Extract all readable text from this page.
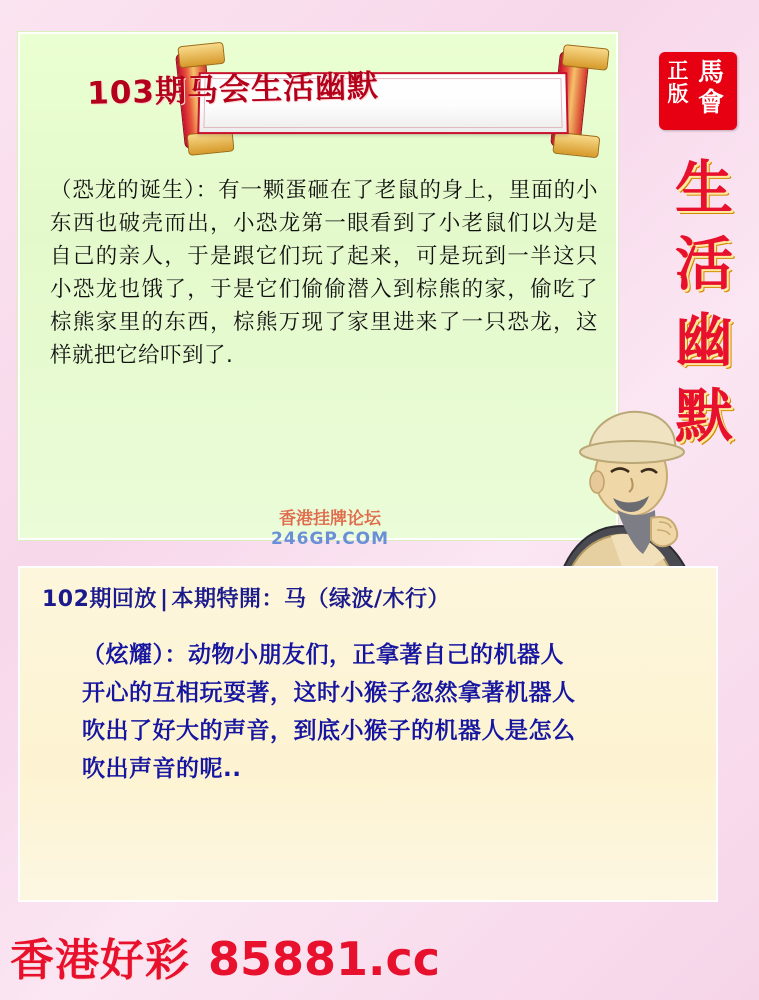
103期马会生活幽默
（恐龙的诞生）：有一颗蛋砸在了老鼠的身上，里面的小东西也破壳而出，小恐龙第一眼看到了小老鼠们以为是自己的亲人，于是跟它们玩了起来，可是玩到一半这只小恐龙也饿了，于是它们偷偷潜入到棕熊的家，偷吃了棕熊家里的东西，棕熊万现了家里进来了一只恐龙，这样就把它给吓到了.
香港挂牌论坛
246GP.COM
正版
馬會
生
活
幽
默
102期回放 | 本期特開：马（绿波/木行）
（炫耀）：动物小朋友们，正拿著自己的机器人开心的互相玩耍著，这时小猴子忽然拿著机器人吹出了好大的声音，到底小猴子的机器人是怎么吹出声音的呢..
香港好彩 85881.cc
